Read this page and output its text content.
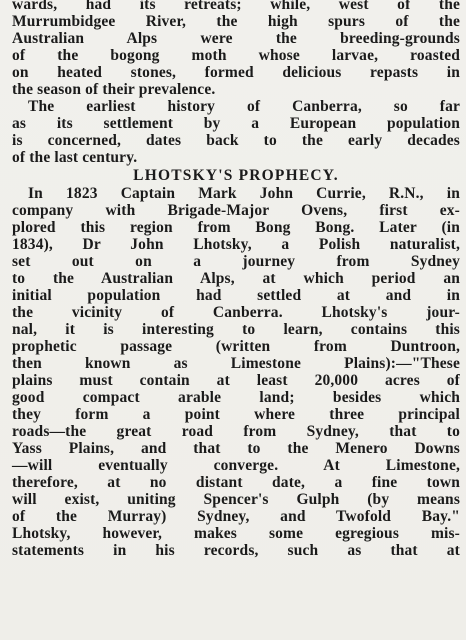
wards, had its retreats; while, west of the
Murrumbidgee River, the high spurs of the
Australian Alps were the breeding-grounds
of the bogong moth whose larvae, roasted
on heated stones, formed delicious repasts in
the season of their prevalence.
The earliest history of Canberra, so far
as its settlement by a European population
is concerned, dates back to the early decades
of the last century.
LHOTSKY'S PROPHECY.
In 1823 Captain Mark John Currie, R.N., in
company with Brigade-Major Ovens, first ex-
plored this region from Bong Bong. Later (in
1834), Dr John Lhotsky, a Polish naturalist,
set out on a journey from Sydney
to the Australian Alps, at which period an
initial population had settled at and in
the vicinity of Canberra. Lhotsky's jour-
nal, it is interesting to learn, contains this
prophetic passage (written from Duntroon,
then known as Limestone Plains):—"These
plains must contain at least 20,000 acres of
good compact arable land; besides which
they form a point where three principal
roads—the great road from Sydney, that to
Yass Plains, and that to the Menero Downs
—will eventually converge. At Limestone,
therefore, at no distant date, a fine town
will exist, uniting Spencer's Gulph (by means
of the Murray) Sydney, and Twofold Bay."
Lhotsky, however, makes some egregious mis-
statements in his records, such as that at
